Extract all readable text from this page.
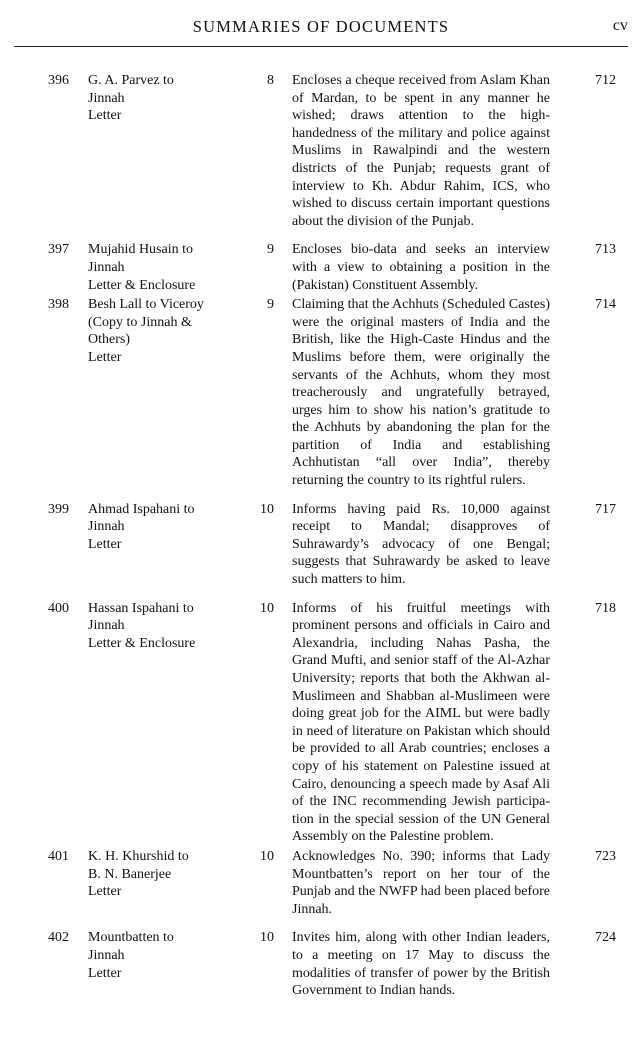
SUMMARIES OF DOCUMENTS	cv
396 G. A. Parvez to
Jinnah
Letter
8 Encloses a cheque received from Aslam Khan of Mardan, to be spent in any manner he wished; draws attention to the high-handedness of the military and police against Muslims in Rawalpindi and the western districts of the Punjab; requests grant of interview to Kh. Abdur Rahim, ICS, who wished to discuss certain important questions about the division of the Punjab.
712
397 Mujahid Husain to
Jinnah
Letter & Enclosure
9 Encloses bio-data and seeks an interview with a view to obtaining a position in the (Pakistan) Constituent Assembly.
713
398 Besh Lall to Viceroy
(Copy to Jinnah &
Others)
Letter
9 Claiming that the Achhuts (Scheduled Castes) were the original masters of India and the British, like the High-Caste Hindus and the Muslims before them, were originally the servants of the Achhuts, whom they most treacherously and ungratefully betrayed, urges him to show his nation’s gratitude to the Achhuts by abandoning the plan for the partition of India and establishing Achhutistan “all over India”, thereby returning the country to its rightful rulers.
714
399 Ahmad Ispahani to
Jinnah
Letter
10 Informs having paid Rs. 10,000 against receipt to Mandal; disapproves of Suhrawardy’s advocacy of one Bengal; suggests that Suhrawardy be asked to leave such matters to him.
717
400 Hassan Ispahani to
Jinnah
Letter & Enclosure
10 Informs of his fruitful meetings with prominent persons and officials in Cairo and Alexandria, including Nahas Pasha, the Grand Mufti, and senior staff of the Al-Azhar University; reports that both the Akhwan al-Muslimeen and Shabban al-Muslimeen were doing great job for the AIML but were badly in need of literature on Pakistan which should be provided to all Arab countries; encloses a copy of his statement on Palestine issued at Cairo, denouncing a speech made by Asaf Ali of the INC recommending Jewish participation in the special session of the UN General Assembly on the Palestine problem.
718
401 K. H. Khurshid to
B. N. Banerjee
Letter
10 Acknowledges No. 390; informs that Lady Mountbatten’s report on her tour of the Punjab and the NWFP had been placed before Jinnah.
723
402 Mountbatten to
Jinnah
Letter
10 Invites him, along with other Indian leaders, to a meeting on 17 May to discuss the modalities of transfer of power by the British Government to Indian hands.
724
